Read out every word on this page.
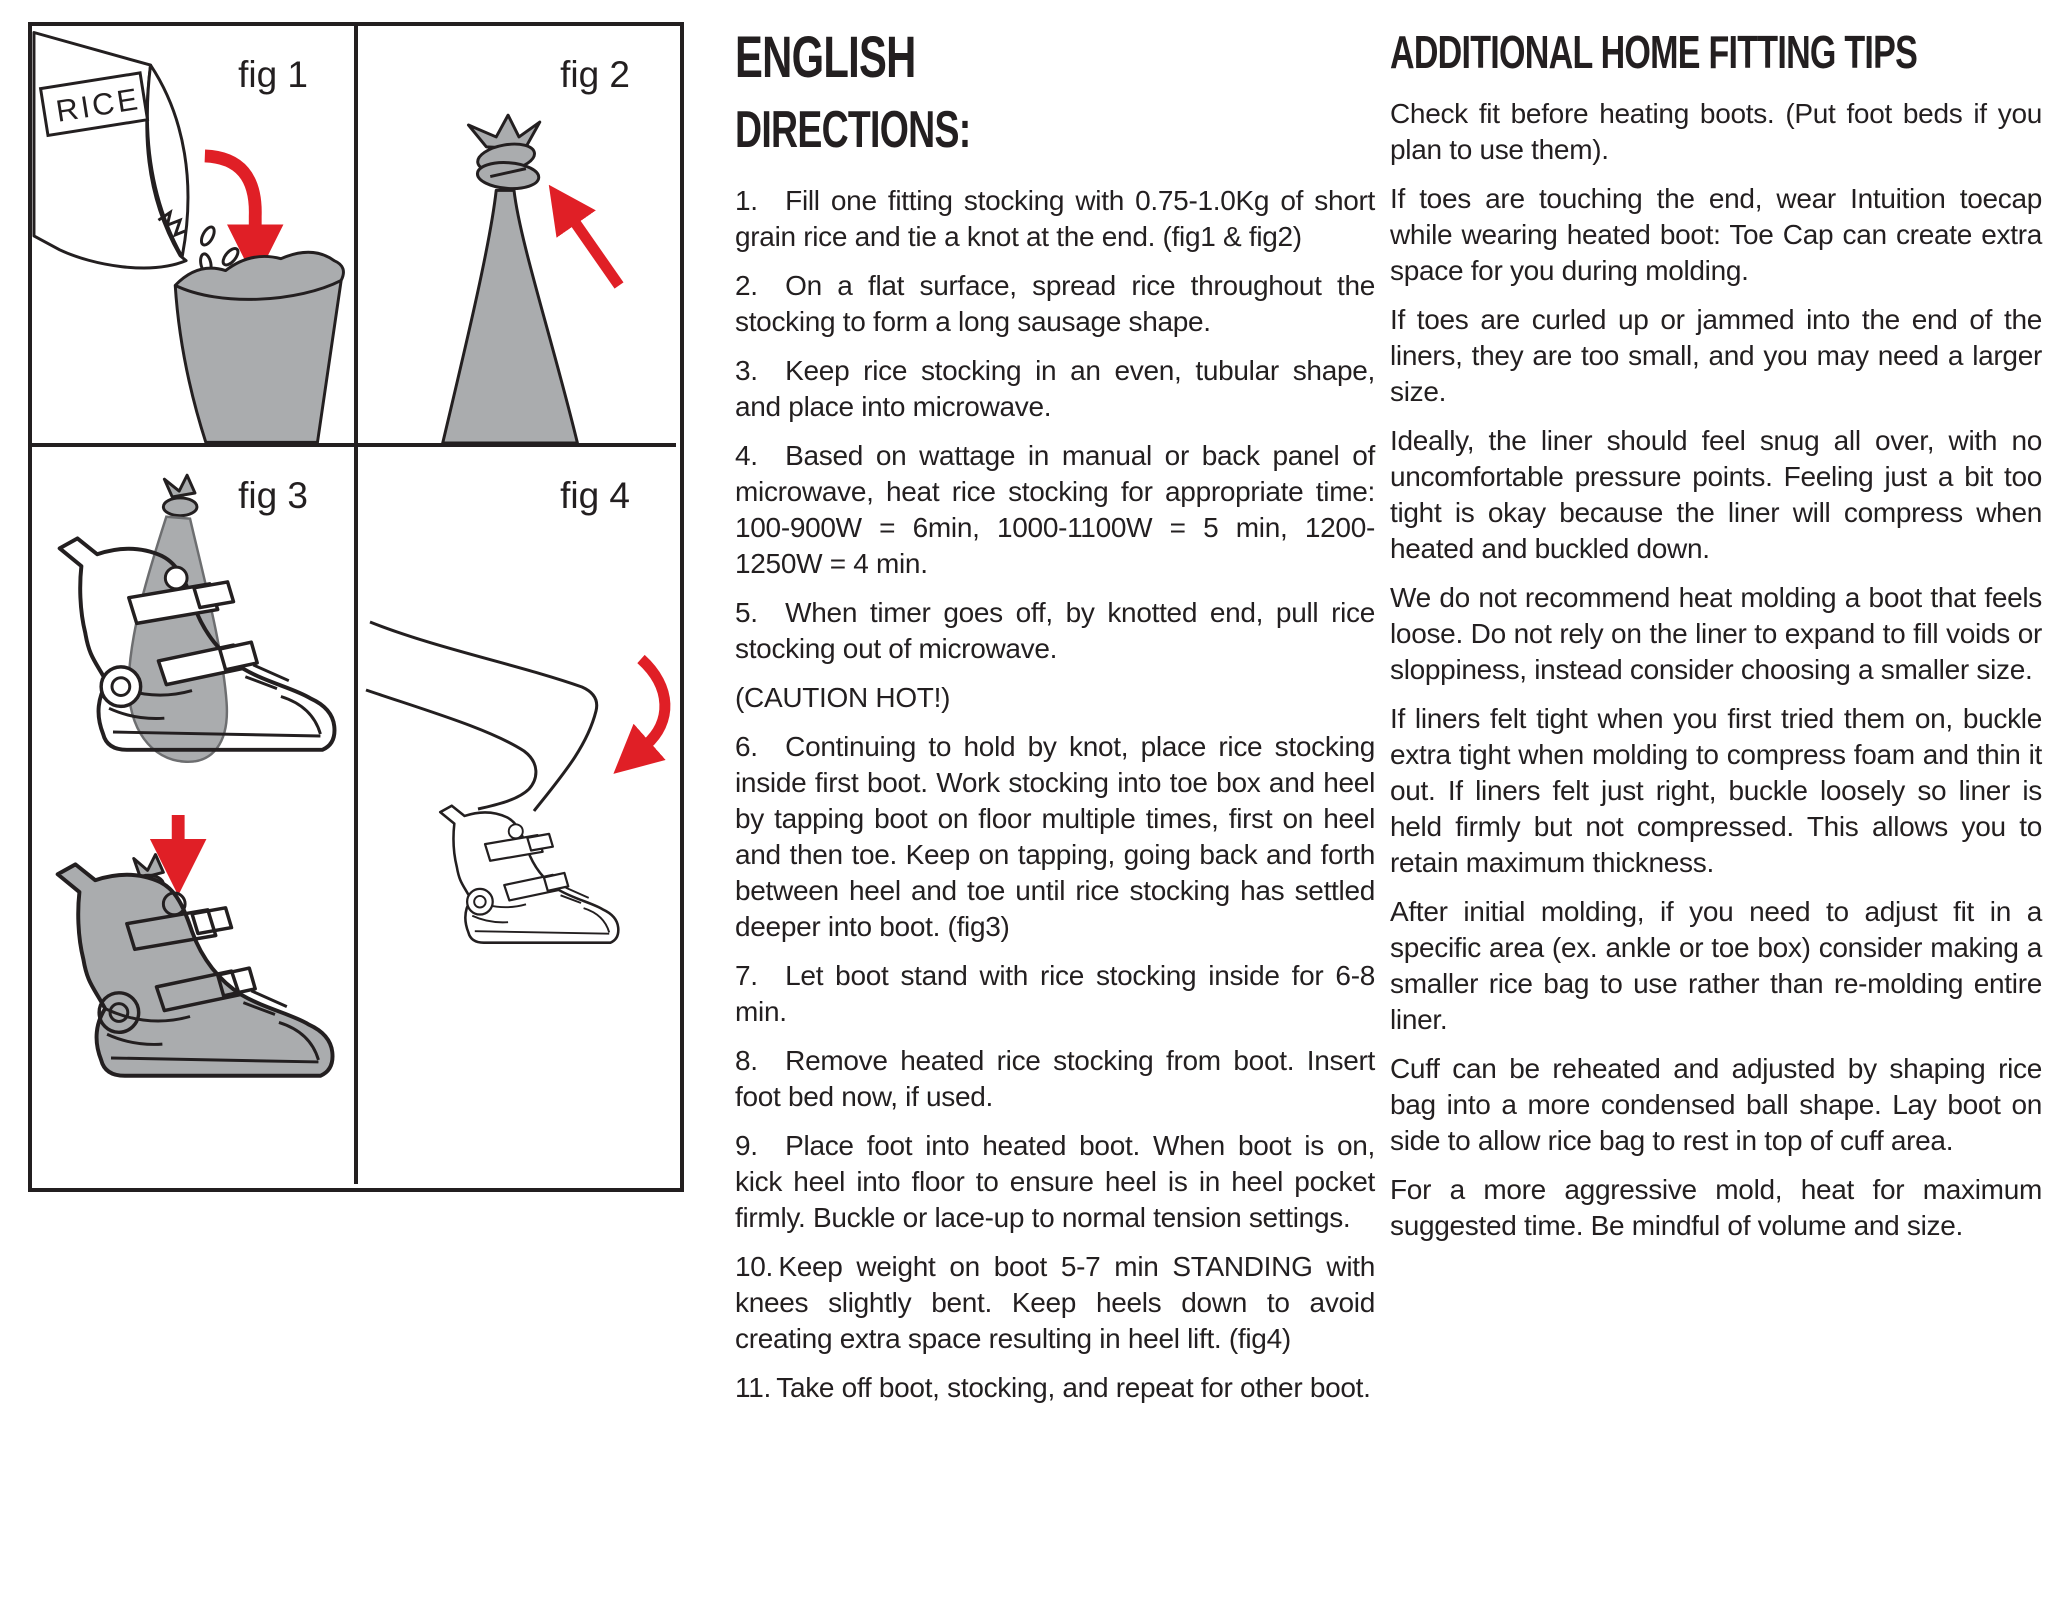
RICE
fig 1	fig 2
fig 3	fig 4
ENGLISH
DIRECTIONS:

1.  Fill one fitting stocking with 0.75-1.0Kg of short grain rice and tie a knot at the end. (fig1 & fig2)

2.  On a flat surface, spread rice throughout the stocking to form a long sausage shape.

3.  Keep rice stocking in an even, tubular shape, and place into microwave.

4.  Based on wattage in manual or back panel of microwave, heat rice stocking for appropriate time: 100-900W = 6min, 1000-1100W = 5 min, 1200-1250W = 4 min.

5.  When timer goes off, by knotted end, pull rice stocking out of microwave.

(CAUTION HOT!)

6.  Continuing to hold by knot, place rice stocking inside first boot. Work stocking into toe box and heel by tapping boot on floor multiple times, first on heel and then toe. Keep on tapping, going back and forth between heel and toe until rice stocking has settled deeper into boot. (fig3)

7.  Let boot stand with rice stocking inside for 6-8 min.

8.  Remove heated rice stocking from boot. Insert foot bed now, if used.

9.  Place foot into heated boot. When boot is on, kick heel into floor to ensure heel is in heel pocket firmly. Buckle or lace-up to normal tension settings.

10. Keep weight on boot 5-7 min STANDING with knees slightly bent. Keep heels down to avoid creating extra space resulting in heel lift. (fig4)

11. Take off boot, stocking, and repeat for other boot.

ADDITIONAL HOME FITTING TIPS

Check fit before heating boots. (Put foot beds if you plan to use them).

If toes are touching the end, wear Intuition toecap while wearing heated boot: Toe Cap can create extra space for you during molding.

If toes are curled up or jammed into the end of the liners, they are too small, and you may need a larger size.

Ideally, the liner should feel snug all over, with no uncomfortable pressure points. Feeling just a bit too tight is okay because the liner will compress when heated and buckled down.

We do not recommend heat molding a boot that feels loose. Do not rely on the liner to expand to fill voids or sloppiness, instead consider choosing a smaller size.

If liners felt tight when you first tried them on, buckle extra tight when molding to compress foam and thin it out. If liners felt just right, buckle loosely so liner is held firmly but not compressed. This allows you to retain maximum thickness.

After initial molding, if you need to adjust fit in a specific area (ex. ankle or toe box) consider making a smaller rice bag to use rather than re-molding entire liner.

Cuff can be reheated and adjusted by shaping rice bag into a more condensed ball shape. Lay boot on side to allow rice bag to rest in top of cuff area.

For a more aggressive mold, heat for maximum suggested time. Be mindful of volume and size.
